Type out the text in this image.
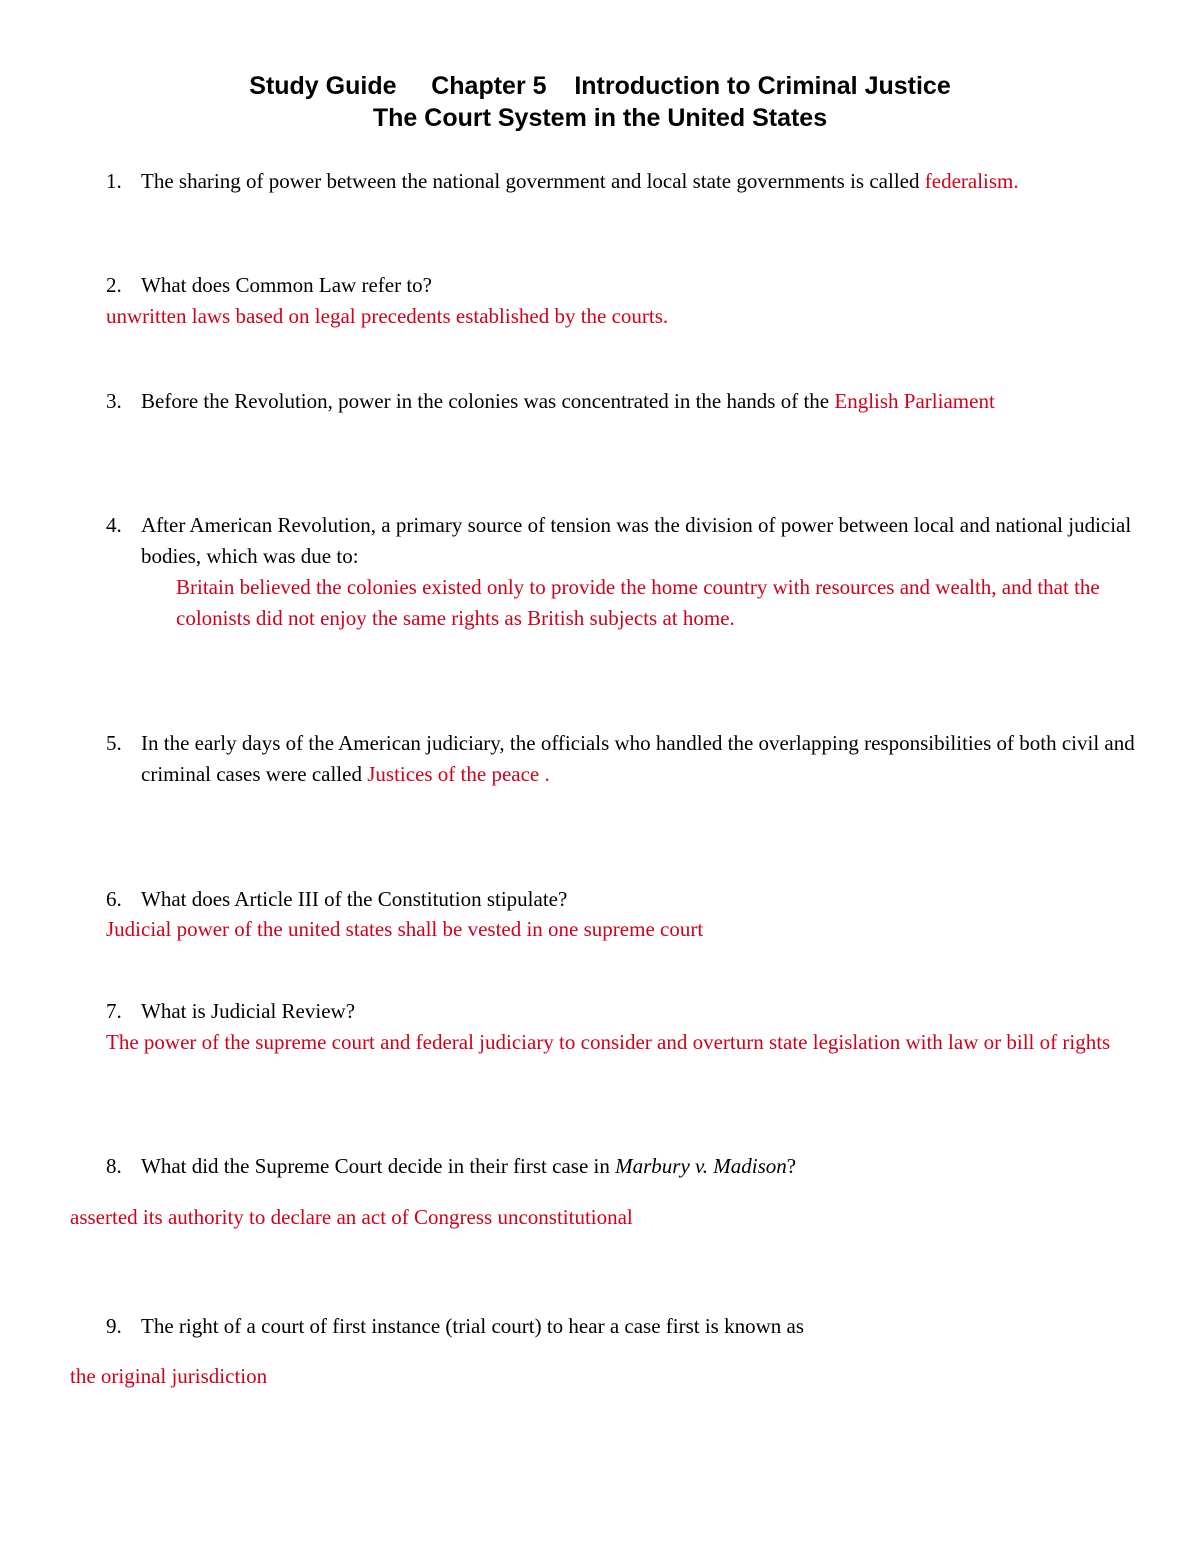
Study Guide     Chapter 5    Introduction to Criminal Justice
The Court System in the United States
1. The sharing of power between the national government and local state governments is called federalism.
2. What does Common Law refer to?
unwritten laws based on legal precedents established by the courts.
3. Before the Revolution, power in the colonies was concentrated in the hands of the English Parliament
4. After American Revolution, a primary source of tension was the division of power between local and national judicial bodies, which was due to:
Britain believed the colonies existed only to provide the home country with resources and wealth, and that the colonists did not enjoy the same rights as British subjects at home.
5. In the early days of the American judiciary, the officials who handled the overlapping responsibilities of both civil and criminal cases were called Justices of the peace .
6. What does Article III of the Constitution stipulate?
Judicial power of the united states shall be vested in one supreme court
7. What is Judicial Review?
The power of the supreme court and federal judiciary to consider and overturn state legislation with law or bill of rights
8. What did the Supreme Court decide in their first case in Marbury v. Madison?
asserted its authority to declare an act of Congress unconstitutional
9. The right of a court of first instance (trial court) to hear a case first is known as
the original jurisdiction
